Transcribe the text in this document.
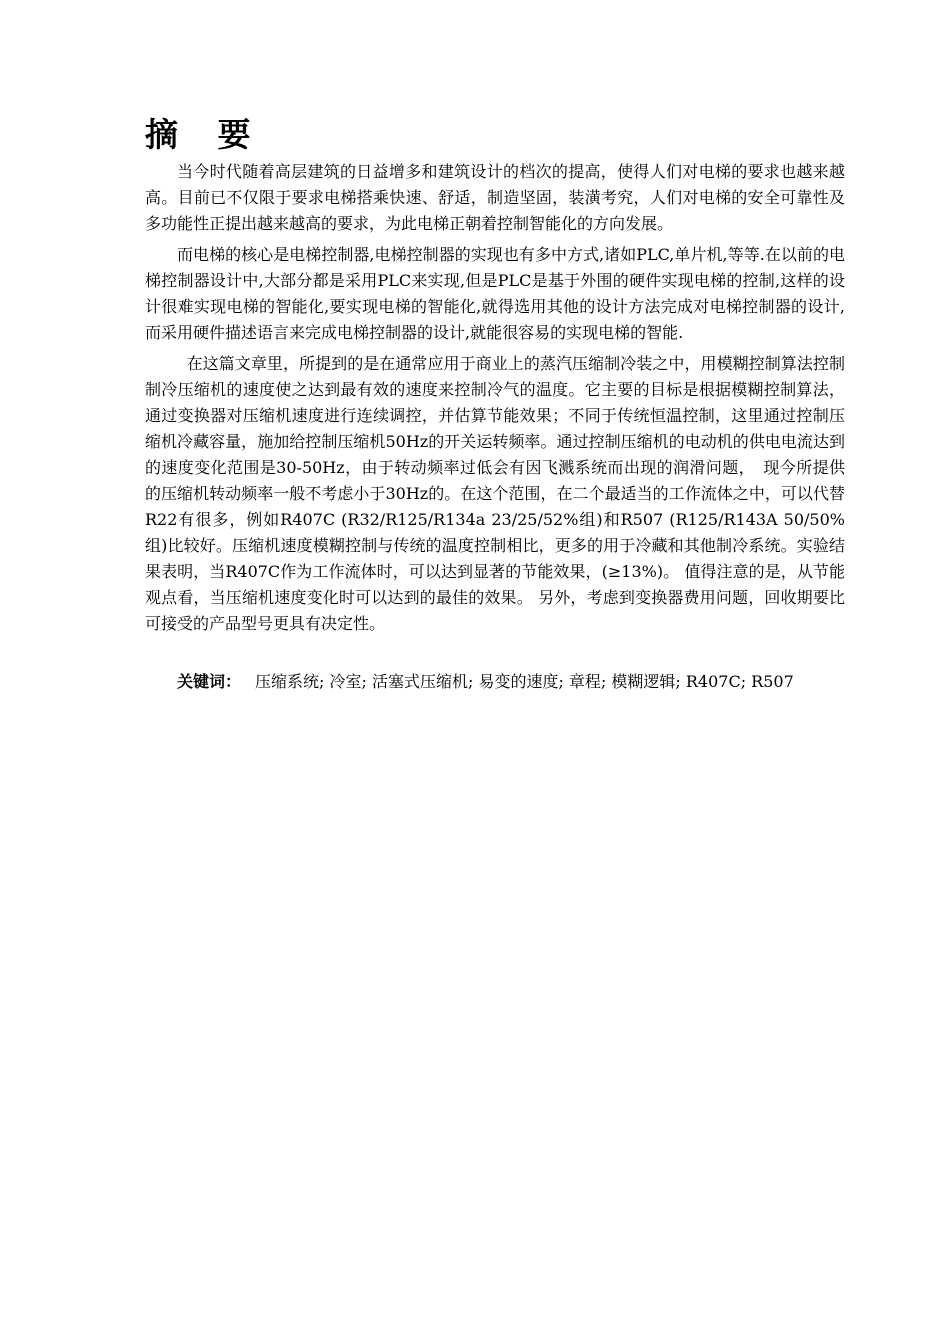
摘 要

当今时代随着高层建筑的日益增多和建筑设计的档次的提高，使得人们对电梯的要求也越来越高。目前已不仅限于要求电梯搭乘快速、舒适，制造坚固，装潢考究，人们对电梯的安全可靠性及多功能性正提出越来越高的要求，为此电梯正朝着控制智能化的方向发展。

而电梯的核心是电梯控制器,电梯控制器的实现也有多中方式,诸如PLC,单片机,等等.在以前的电梯控制器设计中,大部分都是采用PLC来实现,但是PLC是基于外围的硬件实现电梯的控制,这样的设计很难实现电梯的智能化,要实现电梯的智能化,就得选用其他的设计方法完成对电梯控制器的设计,而采用硬件描述语言来完成电梯控制器的设计,就能很容易的实现电梯的智能.

在这篇文章里，所提到的是在通常应用于商业上的蒸汽压缩制冷装之中，用模糊控制算法控制制冷压缩机的速度使之达到最有效的速度来控制冷气的温度。它主要的目标是根据模糊控制算法，通过变换器对压缩机速度进行连续调控，并估算节能效果；不同于传统恒温控制，这里通过控制压缩机冷藏容量，施加给控制压缩机50Hz的开关运转频率。通过控制压缩机的电动机的供电电流达到的速度变化范围是30-50Hz，由于转动频率过低会有因飞溅系统而出现的润滑问题，　现今所提供的压缩机转动频率一般不考虑小于30Hz的。在这个范围，在二个最适当的工作流体之中，可以代替R22有很多，例如R407C (R32/R125/R134a 23/25/52%组)和R507 (R125/R143A 50/50%组)比较好。压缩机速度模糊控制与传统的温度控制相比，更多的用于冷藏和其他制冷系统。实验结果表明，当R407C作为工作流体时，可以达到显著的节能效果，(≥13%)。 值得注意的是，从节能观点看，当压缩机速度变化时可以达到的最佳的效果。 另外，考虑到变换器费用问题，回收期要比可接受的产品型号更具有决定性。

关键词： 压缩系统; 冷室; 活塞式压缩机; 易变的速度; 章程; 模糊逻辑; R407C; R507
